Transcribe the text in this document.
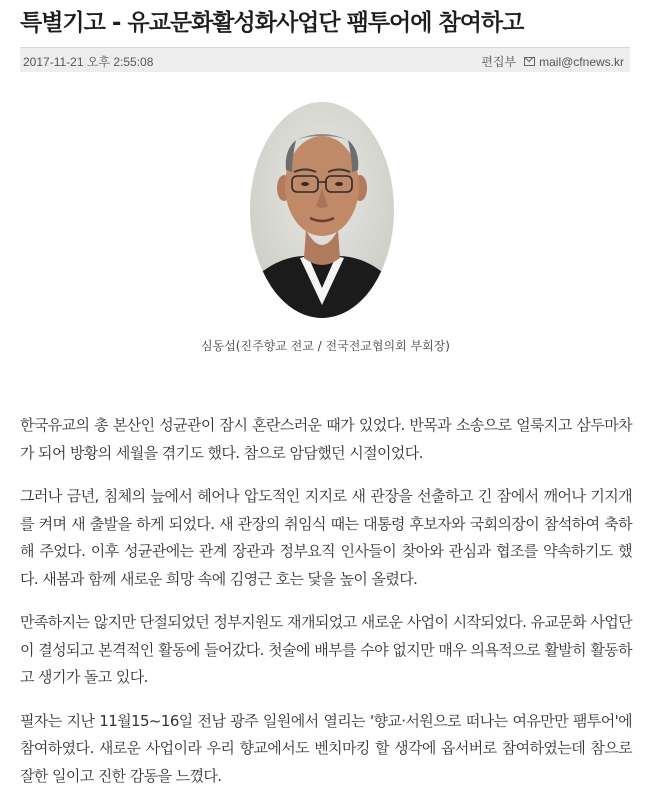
특별기고 - 유교문화활성화사업단 팸투어에 참여하고
2017-11-21 오후 2:55:08	편집부 mail@cfnews.kr
심동섭(진주향교 전교 / 전국전교협의회 부회장)

한국유교의 총 본산인 성균관이 잠시 혼란스러운 때가 있었다. 반목과 소송으로 얼룩지고 삼두마차가 되어 방황의 세월을 겪기도 했다. 참으로 암담했던 시절이었다.

그러나 금년, 침체의 늪에서 헤어나 압도적인 지지로 새 관장을 선출하고 긴 잠에서 깨어나 기지개를 켜며 새 출발을 하게 되었다. 새 관장의 취임식 때는 대통령 후보자와 국회의장이 참석하여 축하해 주었다. 이후 성균관에는 관계 장관과 정부요직 인사들이 찾아와 관심과 협조를 약속하기도 했다. 새봄과 함께 새로운 희망 속에 김영근 호는 닻을 높이 올렸다.

만족하지는 않지만 단절되었던 정부지원도 재개되었고 새로운 사업이 시작되었다. 유교문화 사업단이 결성되고 본격적인 활동에 들어갔다. 첫술에 배부를 수야 없지만 매우 의욕적으로 활발히 활동하고 생기가 돌고 있다.

필자는 지난 11월15~16일 전남 광주 일원에서 열리는 '향교·서원으로 떠나는 여유만만 팸투어'에 참여하였다. 새로운 사업이라 우리 향교에서도 벤치마킹 할 생각에 옵서버로 참여하였는데 참으로 잘한 일이고 진한 감동을 느꼈다.
